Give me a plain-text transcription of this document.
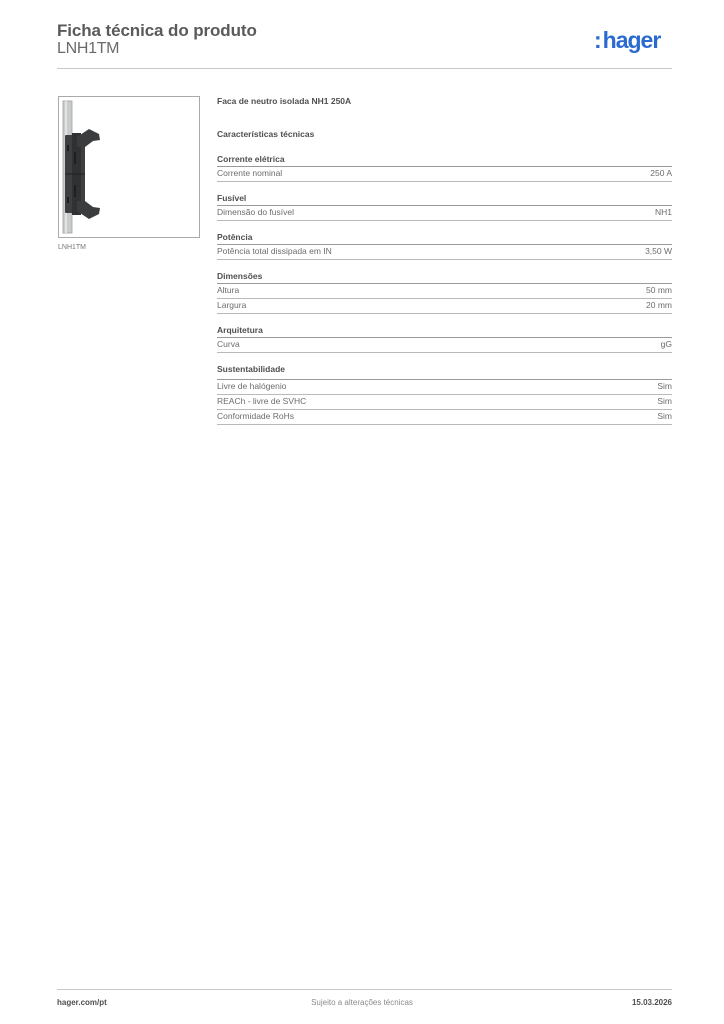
Ficha técnica do produto
LNH1TM	:hager
LNH1TM
Faca de neutro isolada NH1 250A
Características técnicas
Corrente elétrica
Corrente nominal	250 A
Fusível
Dimensão do fusível	NH1
Potência
Potência total dissipada em IN	3,50 W
Dimensões
Altura	50 mm
Largura	20 mm
Arquitetura
Curva	gG
Sustentabilidade
Livre de halógenio	Sim
REACh - livre de SVHC	Sim
Conformidade RoHs	Sim
hager.com/pt	Sujeito a alterações técnicas	15.03.2026
